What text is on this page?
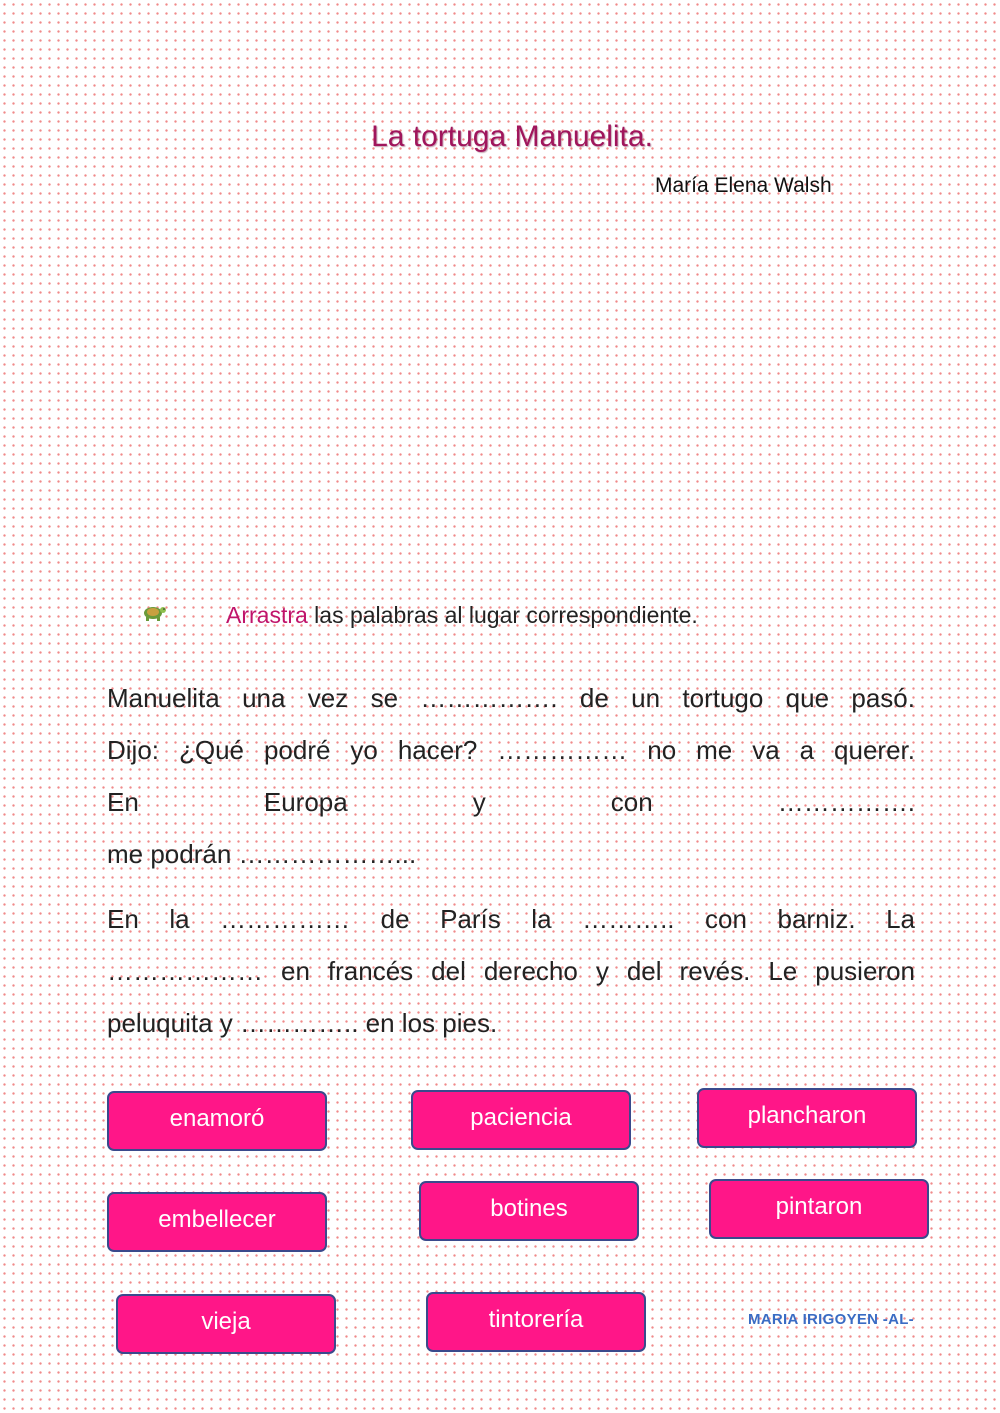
La tortuga Manuelita.
María Elena Walsh
Arrastra las palabras al lugar correspondiente.
Manuelita una vez se ……………. de un tortugo que pasó.
Dijo: ¿Qué podré yo hacer? …………… no me va a querer.
En Europa y con …………….
me podrán ………………...
En la …………… de París la ……….. con barniz. La
……………… en francés del derecho y del revés. Le pusieron
peluquita y ………….. en los pies.
enamoró	paciencia	plancharon
embellecer	botines	pintaron
vieja	tintorería	MARIA IRIGOYEN -AL-
